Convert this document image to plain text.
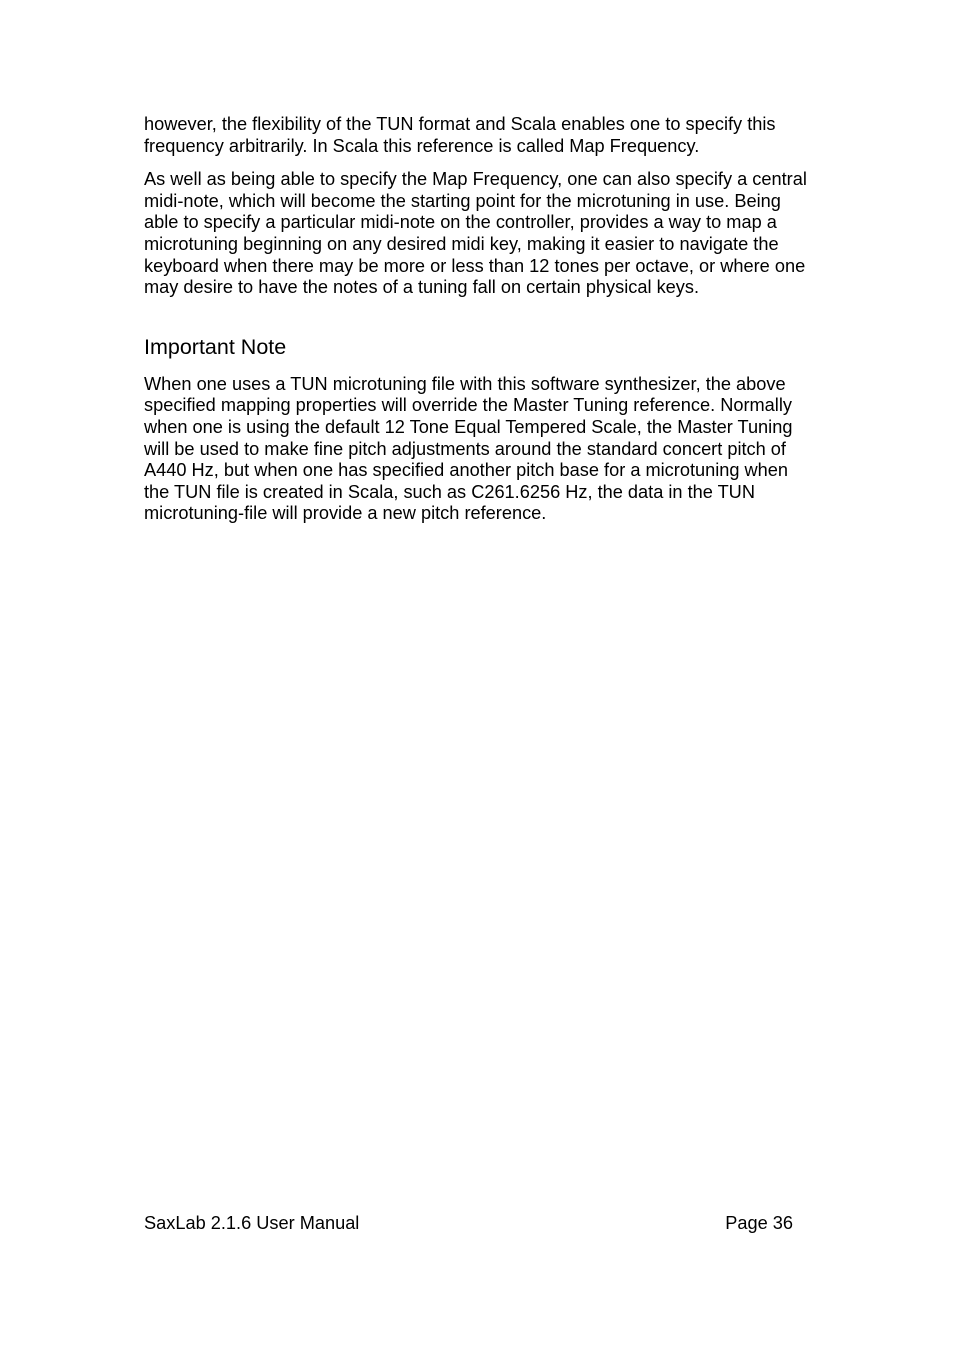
however, the flexibility of the TUN format and Scala enables one to specify this frequency arbitrarily. In Scala this reference is called Map Frequency.

As well as being able to specify the Map Frequency, one can also specify a central midi-note, which will become the starting point for the microtuning in use. Being able to specify a particular midi-note on the controller, provides a way to map a microtuning beginning on any desired midi key, making it easier to navigate the keyboard when there may be more or less than 12 tones per octave, or where one may desire to have the notes of a tuning fall on certain physical keys.

Important Note

When one uses a TUN microtuning file with this software synthesizer, the above specified mapping properties will override the Master Tuning reference. Normally when one is using the default 12 Tone Equal Tempered Scale, the Master Tuning will be used to make fine pitch adjustments around the standard concert pitch of A440 Hz, but when one has specified another pitch base for a microtuning when the TUN file is created in Scala, such as C261.6256 Hz, the data in the TUN microtuning-file will provide a new pitch reference.

SaxLab 2.1.6 User Manual	Page 36
